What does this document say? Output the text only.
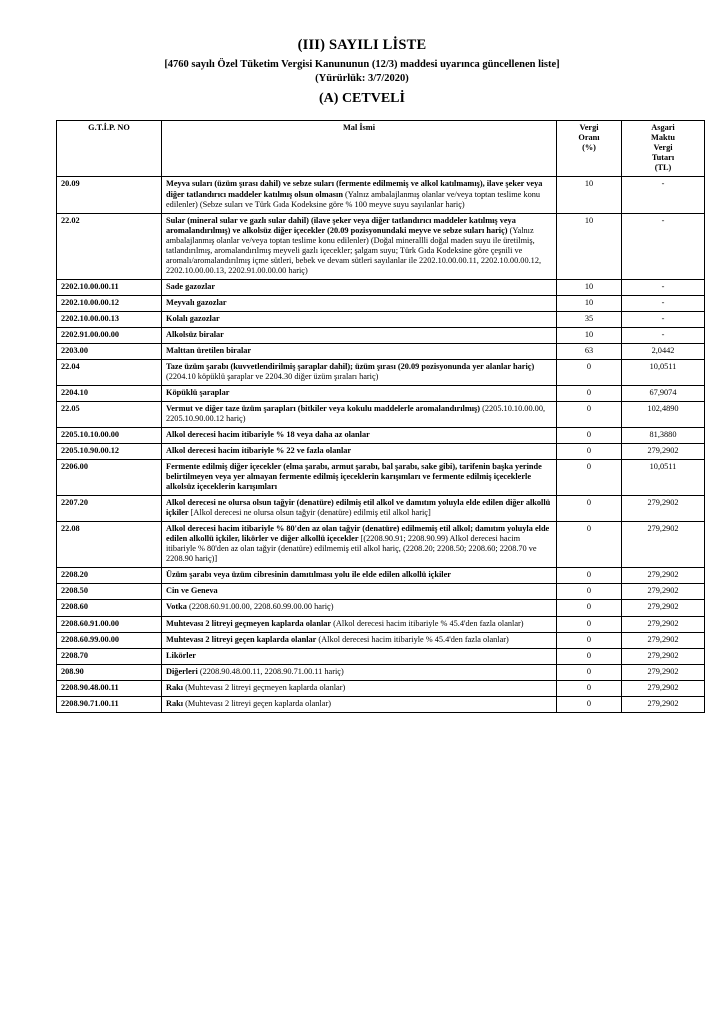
(III) SAYILI LİSTE
[4760 sayılı Özel Tüketim Vergisi Kanununun (12/3) maddesi uyarınca güncellenen liste]
(Yürürlük: 3/7/2020)
(A) CETVELİ
G.T.İ.P. NO	Mal İsmi	Vergi
Oranı
(%)	Asgari
Maktu
Vergi
Tutarı
(TL)

20.09	Meyva suları (üzüm şırası dahil) ve sebze suları (fermente edilmemiş ve alkol katılmamış), ilave şeker veya diğer tatlandırıcı maddeler katılmış olsun olmasın (Yalnız ambalajlanmış olanlar ve/veya toptan teslime konu edilenler) (Sebze suları ve Türk Gıda Kodeksine göre % 100 meyve suyu sayılanlar hariç)	10	-
22.02	Sular (mineral sular ve gazlı sular dahil) (ilave şeker veya diğer tatlandırıcı maddeler katılmış veya aromalandırılmış) ve alkolsüz diğer içecekler (20.09 pozisyonundaki meyve ve sebze suları hariç) (Yalnız ambalajlanmış olanlar ve/veya toptan teslime konu edilenler) (Doğal minerallli doğal maden suyu ile üretilmiş, tatlandırılmış, aromalandırılmış meyveli gazlı içecekler; şalgam suyu; Türk Gıda Kodeksine göre çeşnili ve aromalı/aromalandırılmış içme sütleri, bebek ve devam sütleri sayılanlar ile 2202.10.00.00.11, 2202.10.00.00.12, 2202.10.00.00.13, 2202.91.00.00.00 hariç)	10	-
2202.10.00.00.11	Sade gazozlar	10	-
2202.10.00.00.12	Meyvalı gazozlar	10	-
2202.10.00.00.13	Kolalı gazozlar	35	-
2202.91.00.00.00	Alkolsüz biralar	10	-
2203.00	Malttan üretilen biralar	63	2,0442
22.04	Taze üzüm şarabı (kuvvetlendirilmiş şaraplar dahil); üzüm şırası (20.09 pozisyonunda yer alanlar hariç) (2204.10 köpüklü şaraplar ve 2204.30 diğer üzüm şıraları hariç)	0	10,0511
2204.10	Köpüklü şaraplar	0	67,9074
22.05	Vermut ve diğer taze üzüm şarapları (bitkiler veya kokulu maddelerle aromalandırılmış) (2205.10.10.00.00, 2205.10.90.00.12 hariç)	0	102,4890
2205.10.10.00.00	Alkol derecesi hacim itibariyle % 18 veya daha az olanlar	0	81,3880
2205.10.90.00.12	Alkol derecesi hacim itibariyle % 22 ve fazla olanlar	0	279,2902
2206.00	Fermente edilmiş diğer içecekler (elma şarabı, armut şarabı, bal şarabı, sake gibi), tarifenin başka yerinde belirtilmeyen veya yer almayan fermente edilmiş içeceklerin karışımları ve fermente edilmiş içeceklerle alkolsüz içeceklerin karışımları	0	10,0511
2207.20	Alkol derecesi ne olursa olsun tağyir (denatüre) edilmiş etil alkol ve damıtım yoluyla elde edilen diğer alkollü içkiler [Alkol derecesi ne olursa olsun tağyir (denatüre) edilmiş etil alkol hariç]	0	279,2902
22.08	Alkol derecesi hacim itibariyle % 80'den az olan tağyir (denatüre) edilmemiş etil alkol; damıtım yoluyla elde edilen alkollü içkiler, likörler ve diğer alkollü içecekler [(2208.90.91; 2208.90.99) Alkol derecesi hacim itibariyle % 80'den az olan tağyir (denatüre) edilmemiş etil alkol hariç, (2208.20; 2208.50; 2208.60; 2208.70 ve 2208.90 hariç)]	0	279,2902
2208.20	Üzüm şarabı veya üzüm cibresinin damıtılması yolu ile elde edilen alkollü içkiler	0	279,2902
2208.50	Cin ve Geneva	0	279,2902
2208.60	Votka (2208.60.91.00.00, 2208.60.99.00.00 hariç)	0	279,2902
2208.60.91.00.00	Muhtevası 2 litreyi geçmeyen kaplarda olanlar (Alkol derecesi hacim itibariyle % 45.4'den fazla olanlar)	0	279,2902
2208.60.99.00.00	Muhtevası 2 litreyi geçen kaplarda olanlar (Alkol derecesi hacim itibariyle % 45.4'den fazla olanlar)	0	279,2902
2208.70	Likörler	0	279,2902
208.90	Diğerleri (2208.90.48.00.11, 2208.90.71.00.11 hariç)	0	279,2902
2208.90.48.00.11	Rakı (Muhtevası 2 litreyi geçmeyen kaplarda olanlar)	0	279,2902
2208.90.71.00.11	Rakı (Muhtevası 2 litreyi geçen kaplarda olanlar)	0	279,2902
